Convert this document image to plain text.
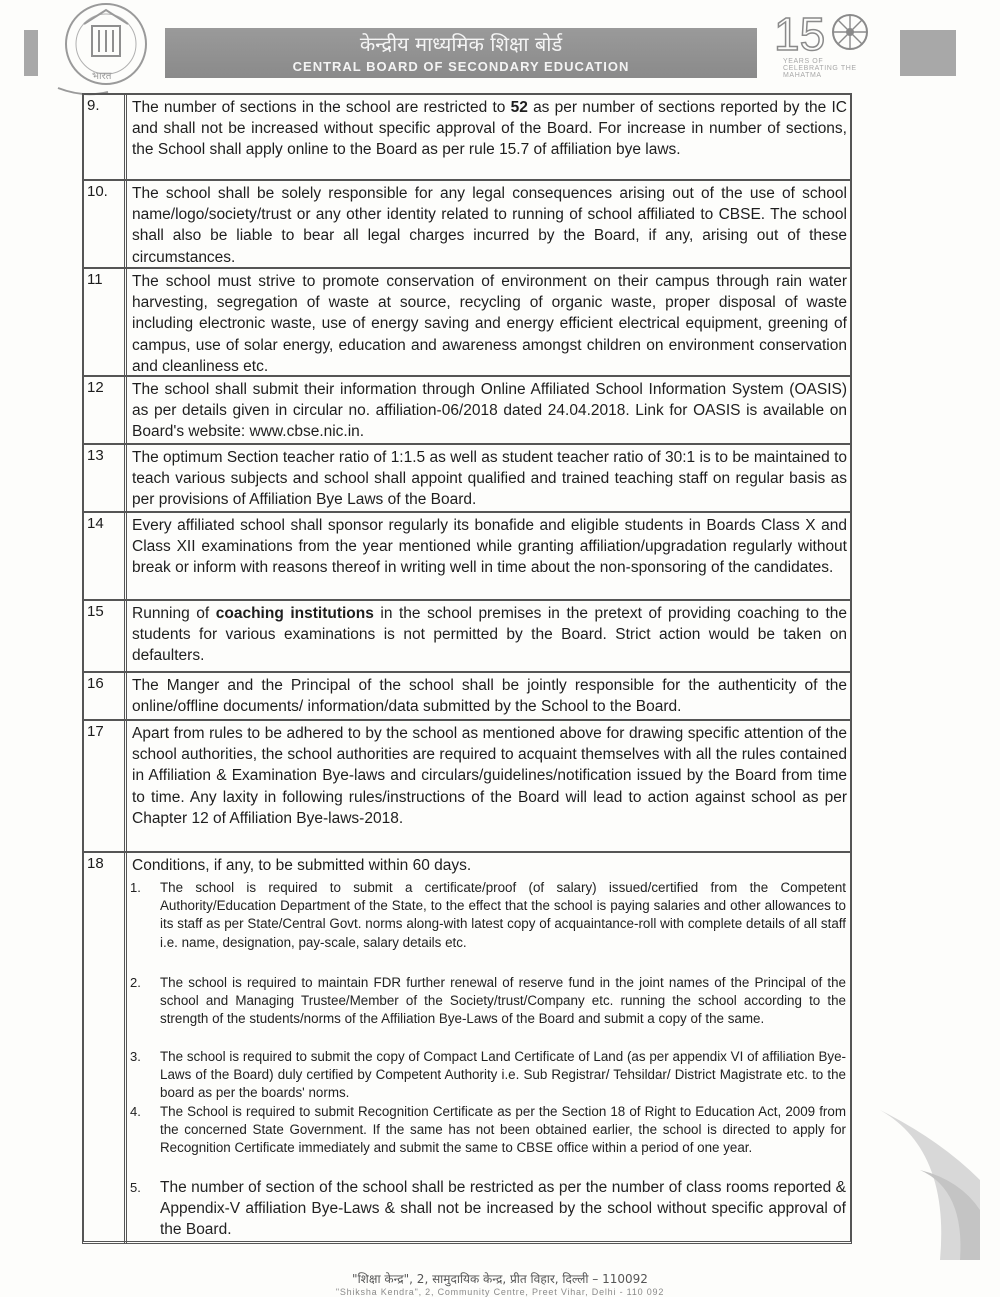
भारत
केन्द्रीय माध्यमिक शिक्षा बोर्ड
CENTRAL BOARD OF SECONDARY EDUCATION
15
YEARS OF CELEBRATING THE MAHATMA
9. The number of sections in the school are restricted to 52 as per number of sections reported by the IC and shall not be increased without specific approval of the Board. For increase in number of sections, the School shall apply online to the Board as per rule 15.7 of affiliation bye laws.
10. The school shall be solely responsible for any legal consequences arising out of the use of school name/logo/society/trust or any other identity related to running of school affiliated to CBSE. The school shall also be liable to bear all legal charges incurred by the Board, if any, arising out of these circumstances.
11 The school must strive to promote conservation of environment on their campus through rain water harvesting, segregation of waste at source, recycling of organic waste, proper disposal of waste including electronic waste, use of energy saving and energy efficient electrical equipment, greening of campus, use of solar energy, education and awareness amongst children on environment conservation and cleanliness etc.
12 The school shall submit their information through Online Affiliated School Information System (OASIS) as per details given in circular no. affiliation-06/2018 dated 24.04.2018. Link for OASIS is available on Board's website: www.cbse.nic.in.
13 The optimum Section teacher ratio of 1:1.5 as well as student teacher ratio of 30:1 is to be maintained to teach various subjects and school shall appoint qualified and trained teaching staff on regular basis as per provisions of Affiliation Bye Laws of the Board.
14 Every affiliated school shall sponsor regularly its bonafide and eligible students in Boards Class X and Class XII examinations from the year mentioned while granting affiliation/upgradation regularly without break or inform with reasons thereof in writing well in time about the non-sponsoring of the candidates.
15 Running of coaching institutions in the school premises in the pretext of providing coaching to the students for various examinations is not permitted by the Board. Strict action would be taken on defaulters.
16 The Manger and the Principal of the school shall be jointly responsible for the authenticity of the online/offline documents/ information/data submitted by the School to the Board.
17 Apart from rules to be adhered to by the school as mentioned above for drawing specific attention of the school authorities, the school authorities are required to acquaint themselves with all the rules contained in Affiliation & Examination Bye-laws and circulars/guidelines/notification issued by the Board from time to time. Any laxity in following rules/instructions of the Board will lead to action against school as per Chapter 12 of Affiliation Bye-laws-2018.
18 Conditions, if any, to be submitted within 60 days.
1. The school is required to submit a certificate/proof (of salary) issued/certified from the Competent Authority/Education Department of the State, to the effect that the school is paying salaries and other allowances to its staff as per State/Central Govt. norms along-with latest copy of acquaintance-roll with complete details of all staff i.e. name, designation, pay-scale, salary details etc.
2. The school is required to maintain FDR further renewal of reserve fund in the joint names of the Principal of the school and Managing Trustee/Member of the Society/trust/Company etc. running the school according to the strength of the students/norms of the Affiliation Bye-Laws of the Board and submit a copy of the same.
3. The school is required to submit the copy of Compact Land Certificate of Land (as per appendix VI of affiliation Bye-Laws of the Board) duly certified by Competent Authority i.e. Sub Registrar/ Tehsildar/ District Magistrate etc. to the board as per the boards' norms.
4. The School is required to submit Recognition Certificate as per the Section 18 of Right to Education Act, 2009 from the concerned State Government. If the same has not been obtained earlier, the school is directed to apply for Recognition Certificate immediately and submit the same to CBSE office within a period of one year.
5. The number of section of the school shall be restricted as per the number of class rooms reported & Appendix-V affiliation Bye-Laws & shall not be increased by the school without specific approval of the Board.
"शिक्षा केन्द्र", 2, सामुदायिक केन्द्र, प्रीत विहार, दिल्ली – 110092
"Shiksha Kendra", 2, Community Centre, Preet Vihar, Delhi - 110 092
